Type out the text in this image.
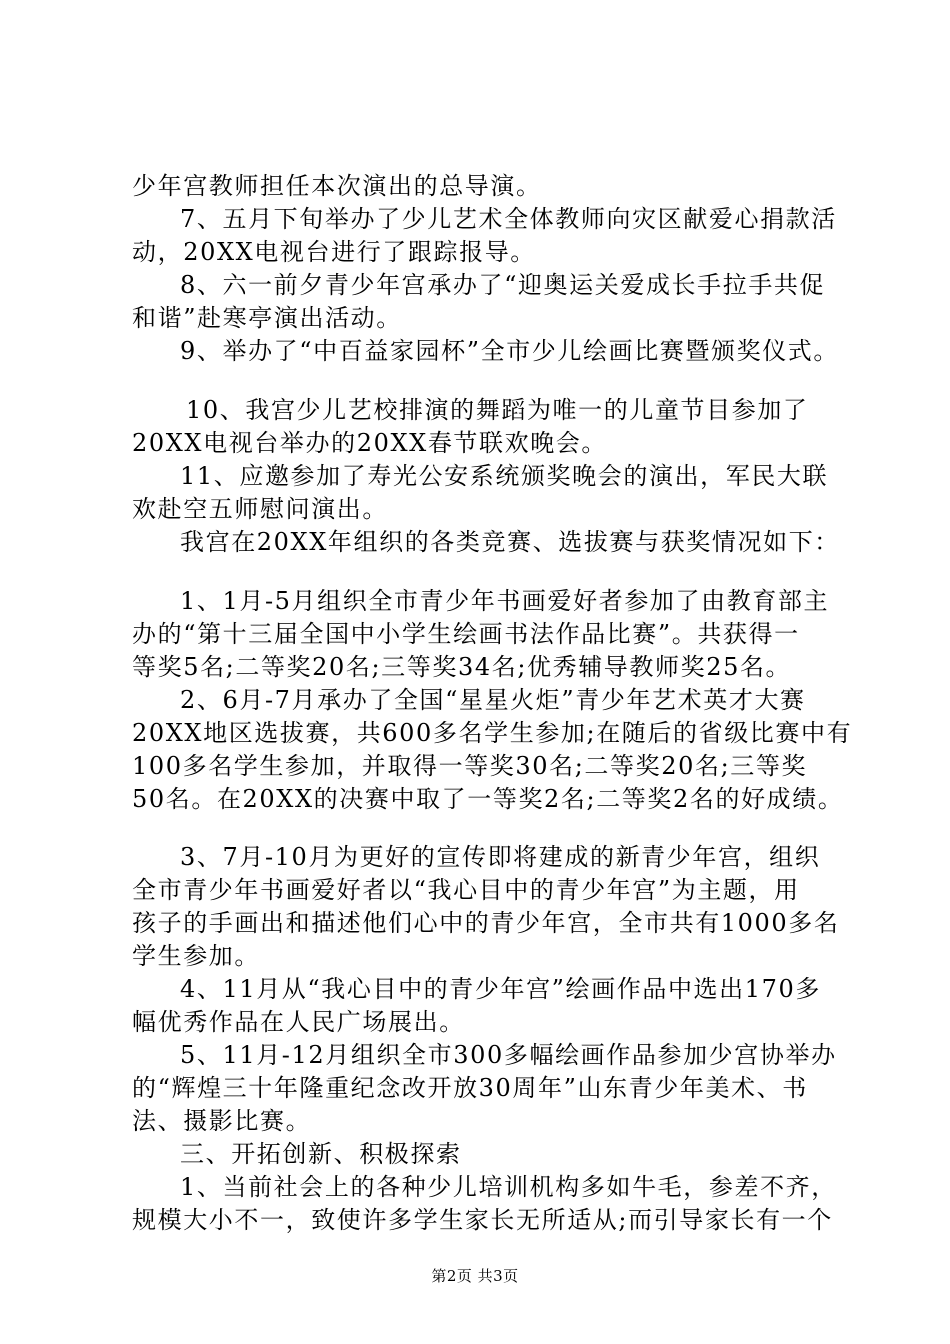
少年宫教师担任本次演出的总导演。
7、五月下旬举办了少儿艺术全体教师向灾区献爱心捐款活
动，20XX电视台进行了跟踪报导。
8、六一前夕青少年宫承办了“迎奥运关爱成长手拉手共促
和谐”赴寒亭演出活动。
9、举办了“中百益家园杯”全市少儿绘画比赛暨颁奖仪式。
10、我宫少儿艺校排演的舞蹈为唯一的儿童节目参加了
20XX电视台举办的20XX春节联欢晚会。
11、应邀参加了寿光公安系统颁奖晚会的演出，军民大联
欢赴空五师慰问演出。
我宫在20XX年组织的各类竞赛、选拔赛与获奖情况如下：
1、1月-5月组织全市青少年书画爱好者参加了由教育部主
办的“第十三届全国中小学生绘画书法作品比赛”。共获得一
等奖5名;二等奖20名;三等奖34名;优秀辅导教师奖25名。
2、6月-7月承办了全国“星星火炬”青少年艺术英才大赛
20XX地区选拔赛，共600多名学生参加;在随后的省级比赛中有
100多名学生参加，并取得一等奖30名;二等奖20名;三等奖
50名。在20XX的决赛中取了一等奖2名;二等奖2名的好成绩。
3、7月-10月为更好的宣传即将建成的新青少年宫，组织
全市青少年书画爱好者以“我心目中的青少年宫”为主题，用
孩子的手画出和描述他们心中的青少年宫，全市共有1000多名
学生参加。
4、11月从“我心目中的青少年宫”绘画作品中选出170多
幅优秀作品在人民广场展出。
5、11月-12月组织全市300多幅绘画作品参加少宫协举办
的“辉煌三十年隆重纪念改开放30周年”山东青少年美术、书
法、摄影比赛。
三、开拓创新、积极探索
1、当前社会上的各种少儿培训机构多如牛毛，参差不齐，
规模大小不一，致使许多学生家长无所适从;而引导家长有一个
第2页 共3页
